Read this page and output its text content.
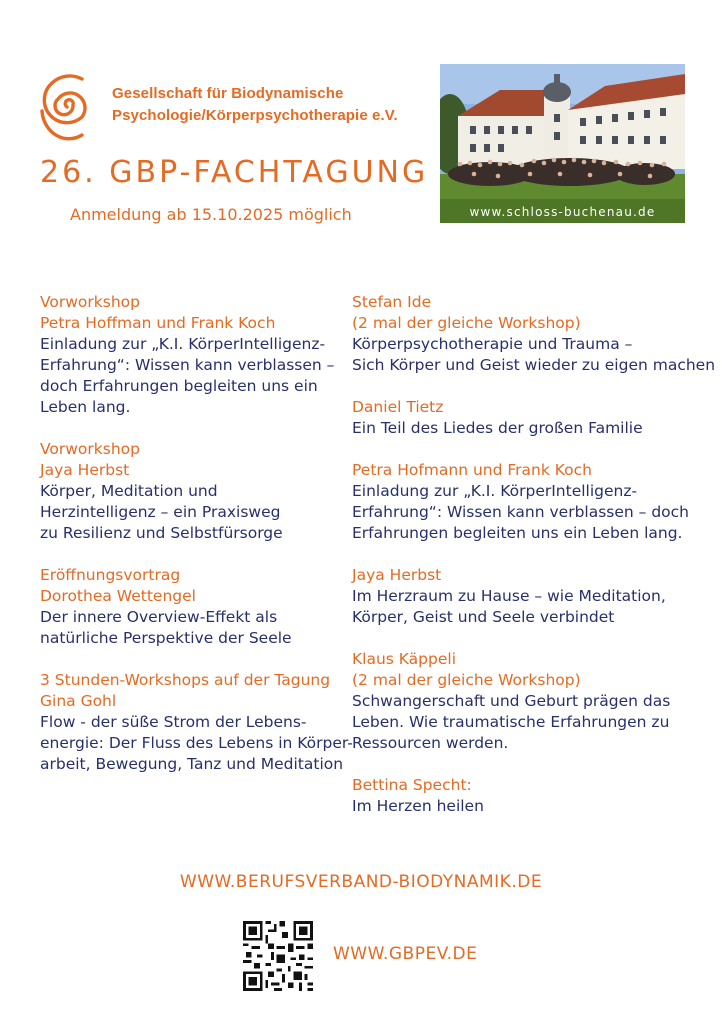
Gesellschaft für Biodynamische
Psychologie/Körperpsychotherapie e.V.
26. GBP-FACHTAGUNG
Anmeldung ab 15.10.2025 möglich	www.schloss-buchenau.de
Vorworkshop
Petra Hoffman und Frank Koch
Einladung zur „K.I. KörperIntelligenz-
Erfahrung“: Wissen kann verblassen –
doch Erfahrungen begleiten uns ein
Leben lang.
Vorworkshop
Jaya Herbst
Körper, Meditation und
Herzintelligenz – ein Praxisweg
zu Resilienz und Selbstfürsorge
Eröffnungsvortrag
Dorothea Wettengel
Der innere Overview-Effekt als
natürliche Perspektive der Seele
3 Stunden-Workshops auf der Tagung
Gina Gohl
Flow - der süße Strom der Lebens-
energie: Der Fluss des Lebens in Körper-
arbeit, Bewegung, Tanz und Meditation
Stefan Ide
(2 mal der gleiche Workshop)
Körperpsychotherapie und Trauma –
Sich Körper und Geist wieder zu eigen machen
Daniel Tietz
Ein Teil des Liedes der großen Familie
Petra Hofmann und Frank Koch
Einladung zur „K.I. KörperIntelligenz-
Erfahrung“: Wissen kann verblassen – doch
Erfahrungen begleiten uns ein Leben lang.
Jaya Herbst
Im Herzraum zu Hause – wie Meditation,
Körper, Geist und Seele verbindet
Klaus Käppeli
(2 mal der gleiche Workshop)
Schwangerschaft und Geburt prägen das
Leben. Wie traumatische Erfahrungen zu
Ressourcen werden.
Bettina Specht:
Im Herzen heilen
WWW.BERUFSVERBAND-BIODYNAMIK.DE
WWW.GBPEV.DE
